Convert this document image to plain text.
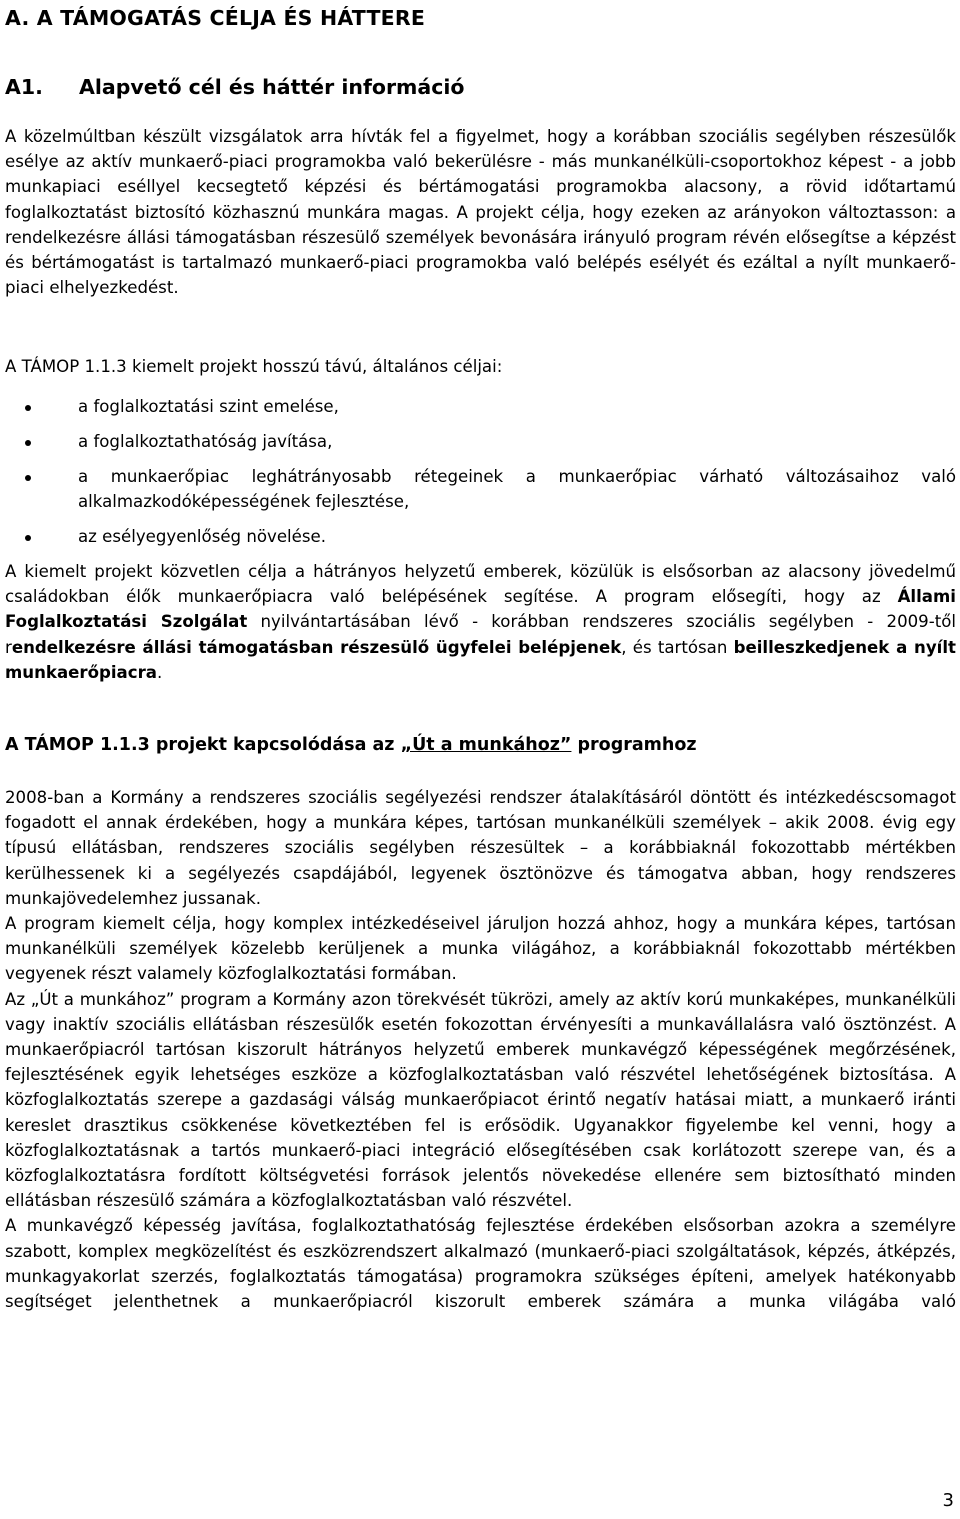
A. A TÁMOGATÁS CÉLJA ÉS HÁTTERE
A1. Alapvető cél és háttér információ

A közelmúltban készült vizsgálatok arra hívták fel a figyelmet, hogy a korábban szociális segélyben részesülők esélye az aktív munkaerő-piaci programokba való bekerülésre - más munkanélküli-csoportokhoz képest - a jobb munkapiaci eséllyel kecsegtető képzési és bértámogatási programokba alacsony, a rövid időtartamú foglalkoztatást biztosító közhasznú munkára magas. A projekt célja, hogy ezeken az arányokon változtasson: a rendelkezésre állási támogatásban részesülő személyek bevonására irányuló program révén elősegítse a képzést és bértámogatást is tartalmazó munkaerő-piaci programokba való belépés esélyét és ezáltal a nyílt munkaerő-piaci elhelyezkedést.

A TÁMOP 1.1.3 kiemelt projekt hosszú távú, általános céljai:

a foglalkoztatási szint emelése,
a foglalkoztathatóság javítása,
a munkaerőpiac leghátrányosabb rétegeinek a munkaerőpiac várható változásaihoz való alkalmazkodóképességének fejlesztése,
az esélyegyenlőség növelése.

A kiemelt projekt közvetlen célja a hátrányos helyzetű emberek, közülük is elsősorban az alacsony jövedelmű családokban élők munkaerőpiacra való belépésének segítése. A program elősegíti, hogy az Állami Foglalkoztatási Szolgálat nyilvántartásában lévő - korábban rendszeres szociális segélyben - 2009-től rendelkezésre állási támogatásban részesülő ügyfelei belépjenek, és tartósan beilleszkedjenek a nyílt munkaerőpiacra.

A TÁMOP 1.1.3 projekt kapcsolódása az „Út a munkához” programhoz

2008-ban a Kormány a rendszeres szociális segélyezési rendszer átalakításáról döntött és intézkedéscsomagot fogadott el annak érdekében, hogy a munkára képes, tartósan munkanélküli személyek – akik 2008. évig egy típusú ellátásban, rendszeres szociális segélyben részesültek – a korábbiaknál fokozottabb mértékben kerülhessenek ki a segélyezés csapdájából, legyenek ösztönözve és támogatva abban, hogy rendszeres munkajövedelemhez jussanak.

A program kiemelt célja, hogy komplex intézkedéseivel járuljon hozzá ahhoz, hogy a munkára képes, tartósan munkanélküli személyek közelebb kerüljenek a munka világához, a korábbiaknál fokozottabb mértékben vegyenek részt valamely közfoglalkoztatási formában.

Az „Út a munkához” program a Kormány azon törekvését tükrözi, amely az aktív korú munkaképes, munkanélküli vagy inaktív szociális ellátásban részesülők esetén fokozottan érvényesíti a munkavállalásra való ösztönzést. A munkaerőpiacról tartósan kiszorult hátrányos helyzetű emberek munkavégző képességének megőrzésének, fejlesztésének egyik lehetséges eszköze a közfoglalkoztatásban való részvétel lehetőségének biztosítása. A közfoglalkoztatás szerepe a gazdasági válság munkaerőpiacot érintő negatív hatásai miatt, a munkaerő iránti kereslet drasztikus csökkenése következtében fel is erősödik. Ugyanakkor figyelembe kel venni, hogy a közfoglalkoztatásnak a tartós munkaerő-piaci integráció elősegítésében csak korlátozott szerepe van, és a közfoglalkoztatásra fordított költségvetési források jelentős növekedése ellenére sem biztosítható minden ellátásban részesülő számára a közfoglalkoztatásban való részvétel.

A munkavégző képesség javítása, foglalkoztathatóság fejlesztése érdekében elsősorban azokra a személyre szabott, komplex megközelítést és eszközrendszert alkalmazó (munkaerő-piaci szolgáltatások, képzés, átképzés, munkagyakorlat szerzés, foglalkoztatás támogatása) programokra szükséges építeni, amelyek hatékonyabb segítséget jelenthetnek a munkaerőpiacról kiszorult emberek számára a munka világába való

3
